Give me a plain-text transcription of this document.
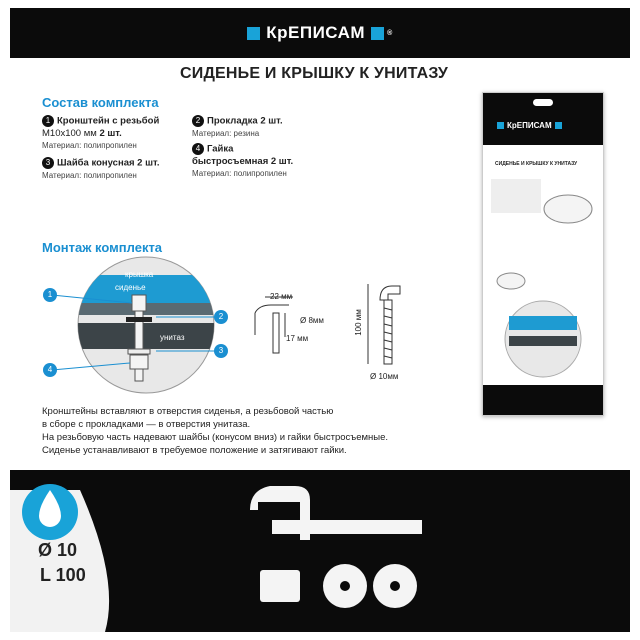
КрЕПИСАМ	®
СИДЕНЬЕ И КРЫШКУ К УНИТАЗУ
Состав комплекта
1 Кронштейн с резьбой
М10х100 мм 2 шт.
Материал: полипропилен
3 Шайба конусная 2 шт.
Материал: полипропилен
2 Прокладка 2 шт.
Материал: резина
4 Гайка
быстросъемная 2 шт.
Материал: полипропилен
Монтаж комплекта
крышка
сиденье
унитаз
1
2
3
4
22 мм
Ø 8мм
17 мм
100 мм
Ø 10мм
Кронштейны вставляют в отверстия сиденья, а резьбовой частью
в сборе с прокладками — в отверстия унитаза.
На резьбовую часть надевают шайбы (конусом вниз) и гайки быстросъемные.
Сиденье устанавливают в требуемое положение и затягивают гайки.
КрЕПИСАМ
СИДЕНЬЕ И КРЫШКУ К УНИТАЗУ
Ø 10
L 100
